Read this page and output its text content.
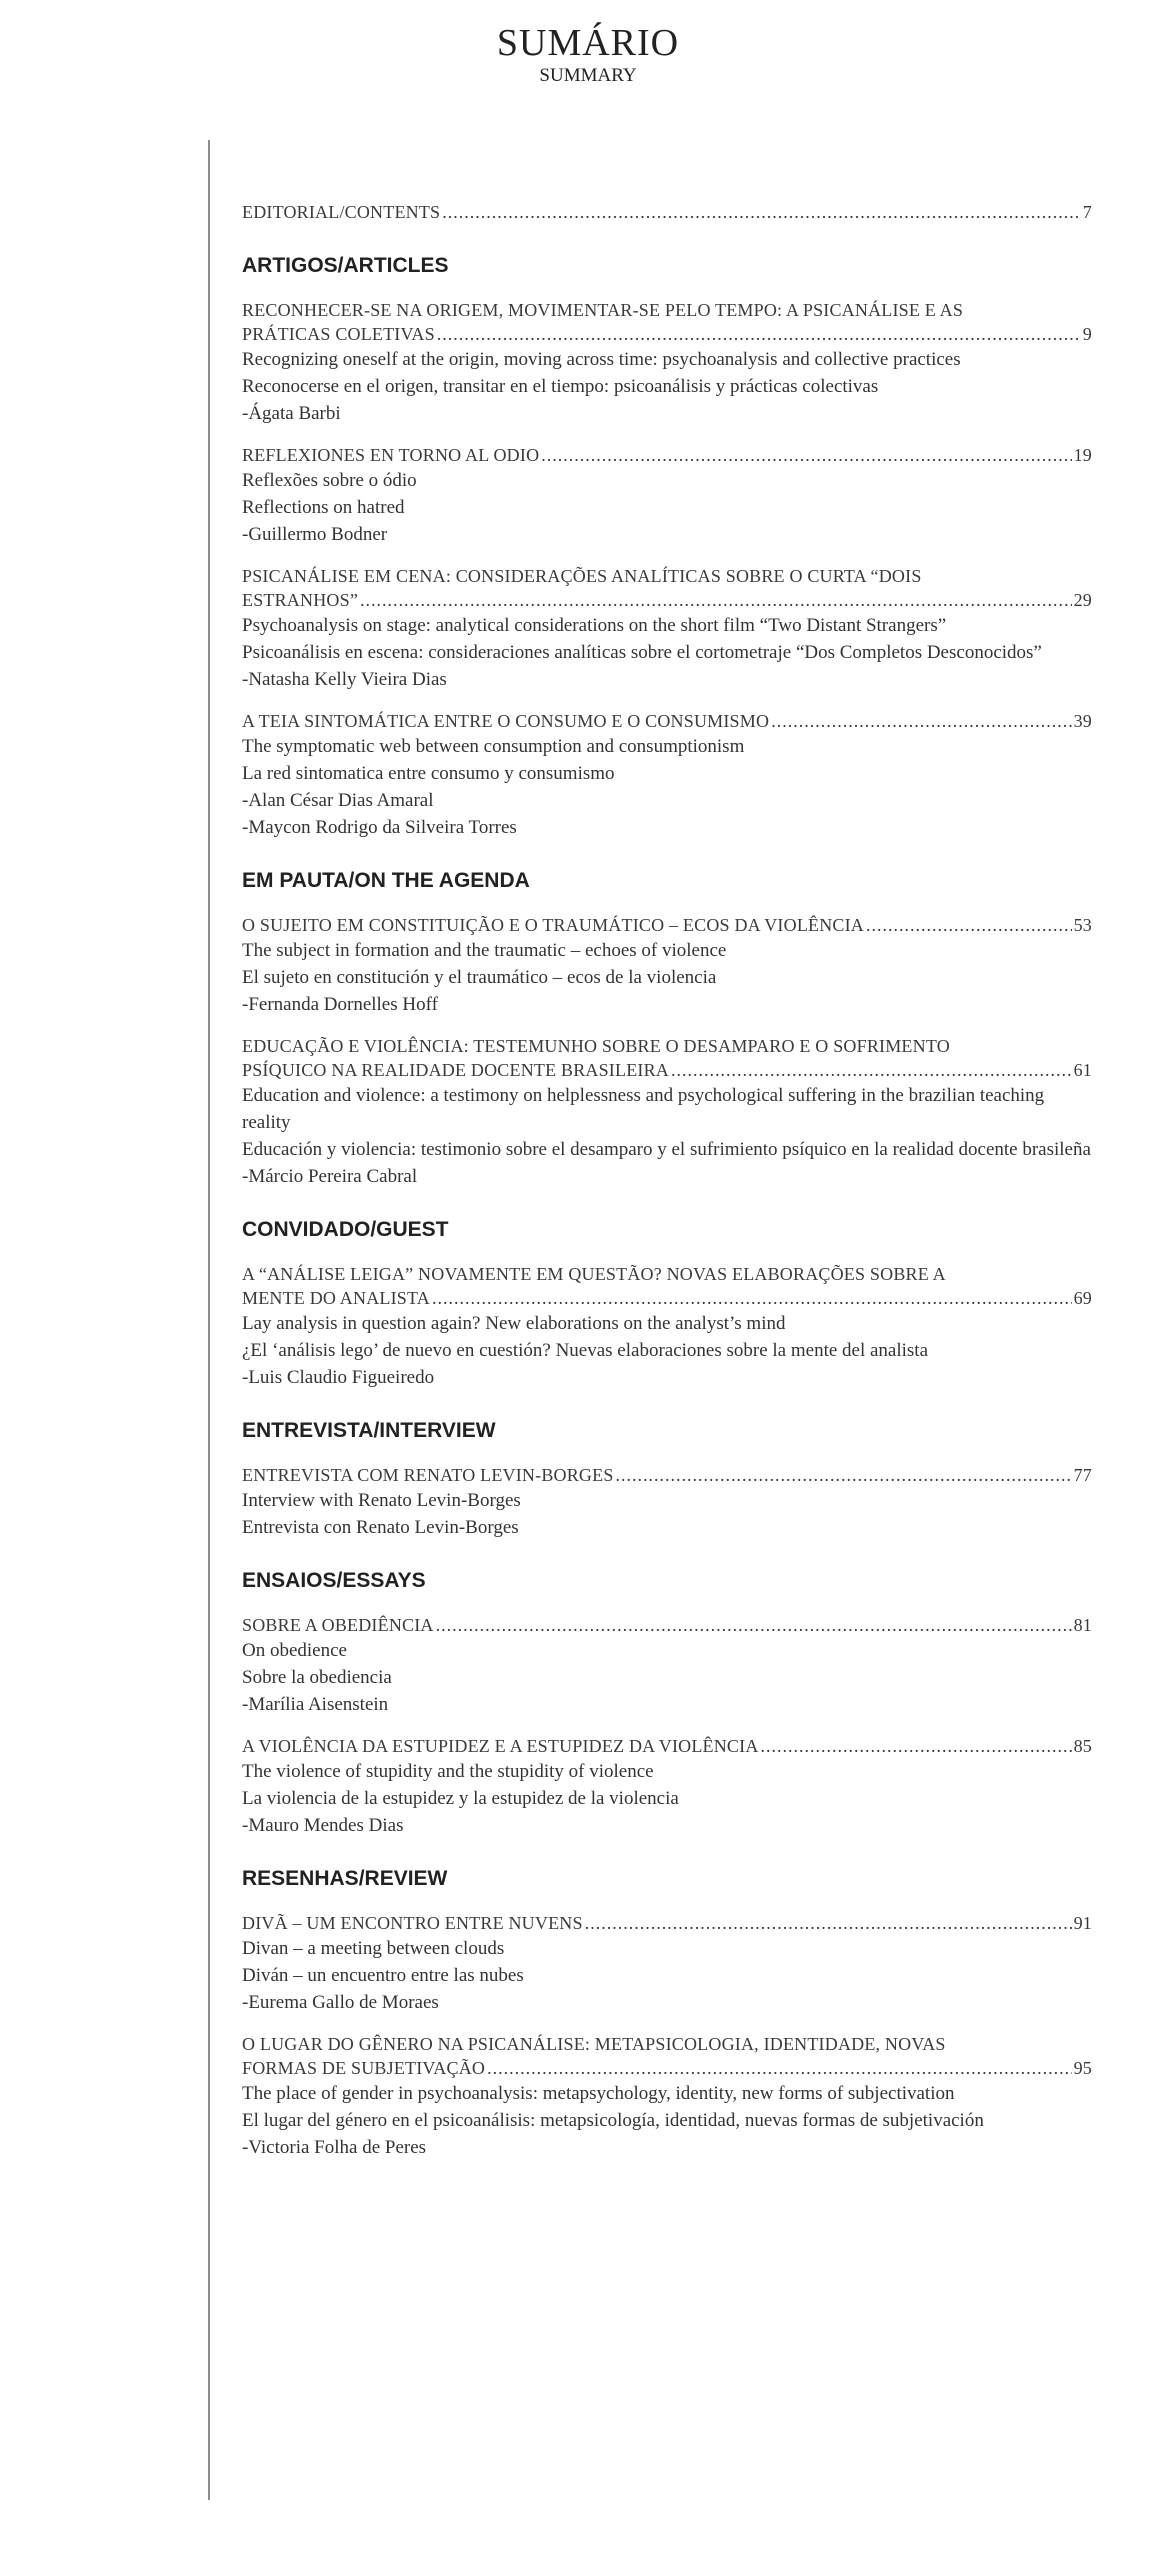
SUMÁRIO
SUMMARY
EDITORIAL/CONTENTS .....	7
ARTIGOS/ARTICLES
RECONHECER-SE NA ORIGEM, MOVIMENTAR-SE PELO TEMPO: A PSICANÁLISE E AS
PRÁTICAS COLETIVAS .....	9
Recognizing oneself at the origin, moving across time: psychoanalysis and collective practices
Reconocerse en el origen, transitar en el tiempo: psicoanálisis y prácticas colectivas
-Ágata Barbi
REFLEXIONES EN TORNO AL ODIO .....	19
Reflexões sobre o ódio
Reflections on hatred
-Guillermo Bodner
PSICANÁLISE EM CENA: CONSIDERAÇÕES ANALÍTICAS SOBRE O CURTA “DOIS
ESTRANHOS” .....	29
Psychoanalysis on stage: analytical considerations on the short film “Two Distant Strangers”
Psicoanálisis en escena: consideraciones analíticas sobre el cortometraje “Dos Completos Desconocidos”
-Natasha Kelly Vieira Dias
A TEIA SINTOMÁTICA ENTRE O CONSUMO E O CONSUMISMO .....	39
The symptomatic web between consumption and consumptionism
La red sintomatica entre consumo y consumismo
-Alan César Dias Amaral
-Maycon Rodrigo da Silveira Torres
EM PAUTA/ON THE AGENDA
O SUJEITO EM CONSTITUIÇÃO E O TRAUMÁTICO – ECOS DA VIOLÊNCIA .....	53
The subject in formation and the traumatic – echoes of violence
El sujeto en constitución y el traumático – ecos de la violencia
-Fernanda Dornelles Hoff
EDUCAÇÃO E VIOLÊNCIA: TESTEMUNHO SOBRE O DESAMPARO E O SOFRIMENTO
PSÍQUICO NA REALIDADE DOCENTE BRASILEIRA .....	61
Education and violence: a testimony on helplessness and psychological suffering in the brazilian teaching reality
Educación y violencia: testimonio sobre el desamparo y el sufrimiento psíquico en la realidad docente brasileña
-Márcio Pereira Cabral
CONVIDADO/GUEST
A “ANÁLISE LEIGA” NOVAMENTE EM QUESTÃO? NOVAS ELABORAÇÕES SOBRE A
MENTE DO ANALISTA .....	69
Lay analysis in question again? New elaborations on the analyst’s mind
¿El ‘análisis lego’ de nuevo en cuestión? Nuevas elaboraciones sobre la mente del analista
-Luis Claudio Figueiredo
ENTREVISTA/INTERVIEW
ENTREVISTA COM RENATO LEVIN-BORGES .....	77
Interview with Renato Levin-Borges
Entrevista con Renato Levin-Borges
ENSAIOS/ESSAYS
SOBRE A OBEDIÊNCIA .....	81
On obedience
Sobre la obediencia
-Marília Aisenstein
A VIOLÊNCIA DA ESTUPIDEZ E A ESTUPIDEZ DA VIOLÊNCIA .....	85
The violence of stupidity and the stupidity of violence
La violencia de la estupidez y la estupidez de la violencia
-Mauro Mendes Dias
RESENHAS/REVIEW
DIVÃ – UM ENCONTRO ENTRE NUVENS .....	91
Divan – a meeting between clouds
Diván – un encuentro entre las nubes
-Eurema Gallo de Moraes
O LUGAR DO GÊNERO NA PSICANÁLISE: METAPSICOLOGIA, IDENTIDADE, NOVAS
FORMAS DE SUBJETIVAÇÃO .....	95
The place of gender in psychoanalysis: metapsychology, identity, new forms of subjectivation
El lugar del género en el psicoanálisis: metapsicología, identidad, nuevas formas de subjetivación
-Victoria Folha de Peres
